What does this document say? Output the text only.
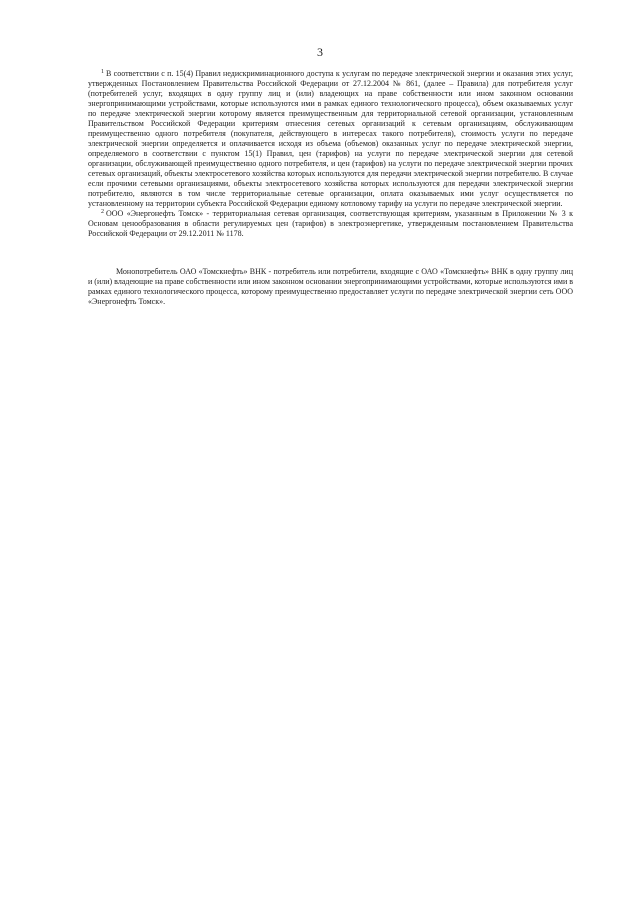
3

$^1$ В соответствии с п. 15(4) Правил недискриминационного доступа к услугам по передаче электрической энергии и оказания этих услуг, утвержденных Постановлением Правительства Российской Федерации от 27.12.2004 № 861, (далее – Правила) для потребителя услуг (потребителей услуг, входящих в одну группу лиц и (или) владеющих на праве собственности или ином законном основании энергопринимающими устройствами, которые используются ими в рамках единого технологического процесса), объем оказываемых услуг по передаче электрической энергии которому является преимущественным для территориальной сетевой организации, установленным Правительством Российской Федерации критериям отнесения сетевых организаций к сетевым организациям, обслуживающим преимущественно одного потребителя (покупателя, действующего в интересах такого потребителя), стоимость услуги по передаче электрической энергии определяется и оплачивается исходя из объема (объемов) оказанных услуг по передаче электрической энергии, определяемого в соответствии с пунктом 15(1) Правил, цен (тарифов) на услуги по передаче электрической энергии для сетевой организации, обслуживающей преимущественно одного потребителя, и цен (тарифов) на услуги по передаче электрической энергии прочих сетевых организаций, объекты электросетевого хозяйства которых используются для передачи электрической энергии потребителю. В случае если прочими сетевыми организациями, объекты электросетевого хозяйства которых используются для передачи электрической энергии потребителю, являются в том числе территориальные сетевые организации, оплата оказываемых ими услуг осуществляется по установленному на территории субъекта Российской Федерации единому котловому тарифу на услуги по передаче электрической энергии.

$^2$ ООО «Энергонефть Томск» - территориальная сетевая организация, соответствующая критериям, указанным в Приложении № 3 к Основам ценообразования в области регулируемых цен (тарифов) в электроэнергетике, утвержденным постановлением Правительства Российской Федерации от 29.12.2011 № 1178.

Монопотребитель ОАО «Томскнефть» ВНК - потребитель или потребители, входящие с ОАО «Томскнефть» ВНК в одну группу лиц и (или) владеющие на праве собственности или ином законном основании энергопринимающими устройствами, которые используются ими в рамках единого технологического процесса, которому преимущественно предоставляет услуги по передаче электрической энергии сеть ООО «Энергонефть Томск».
